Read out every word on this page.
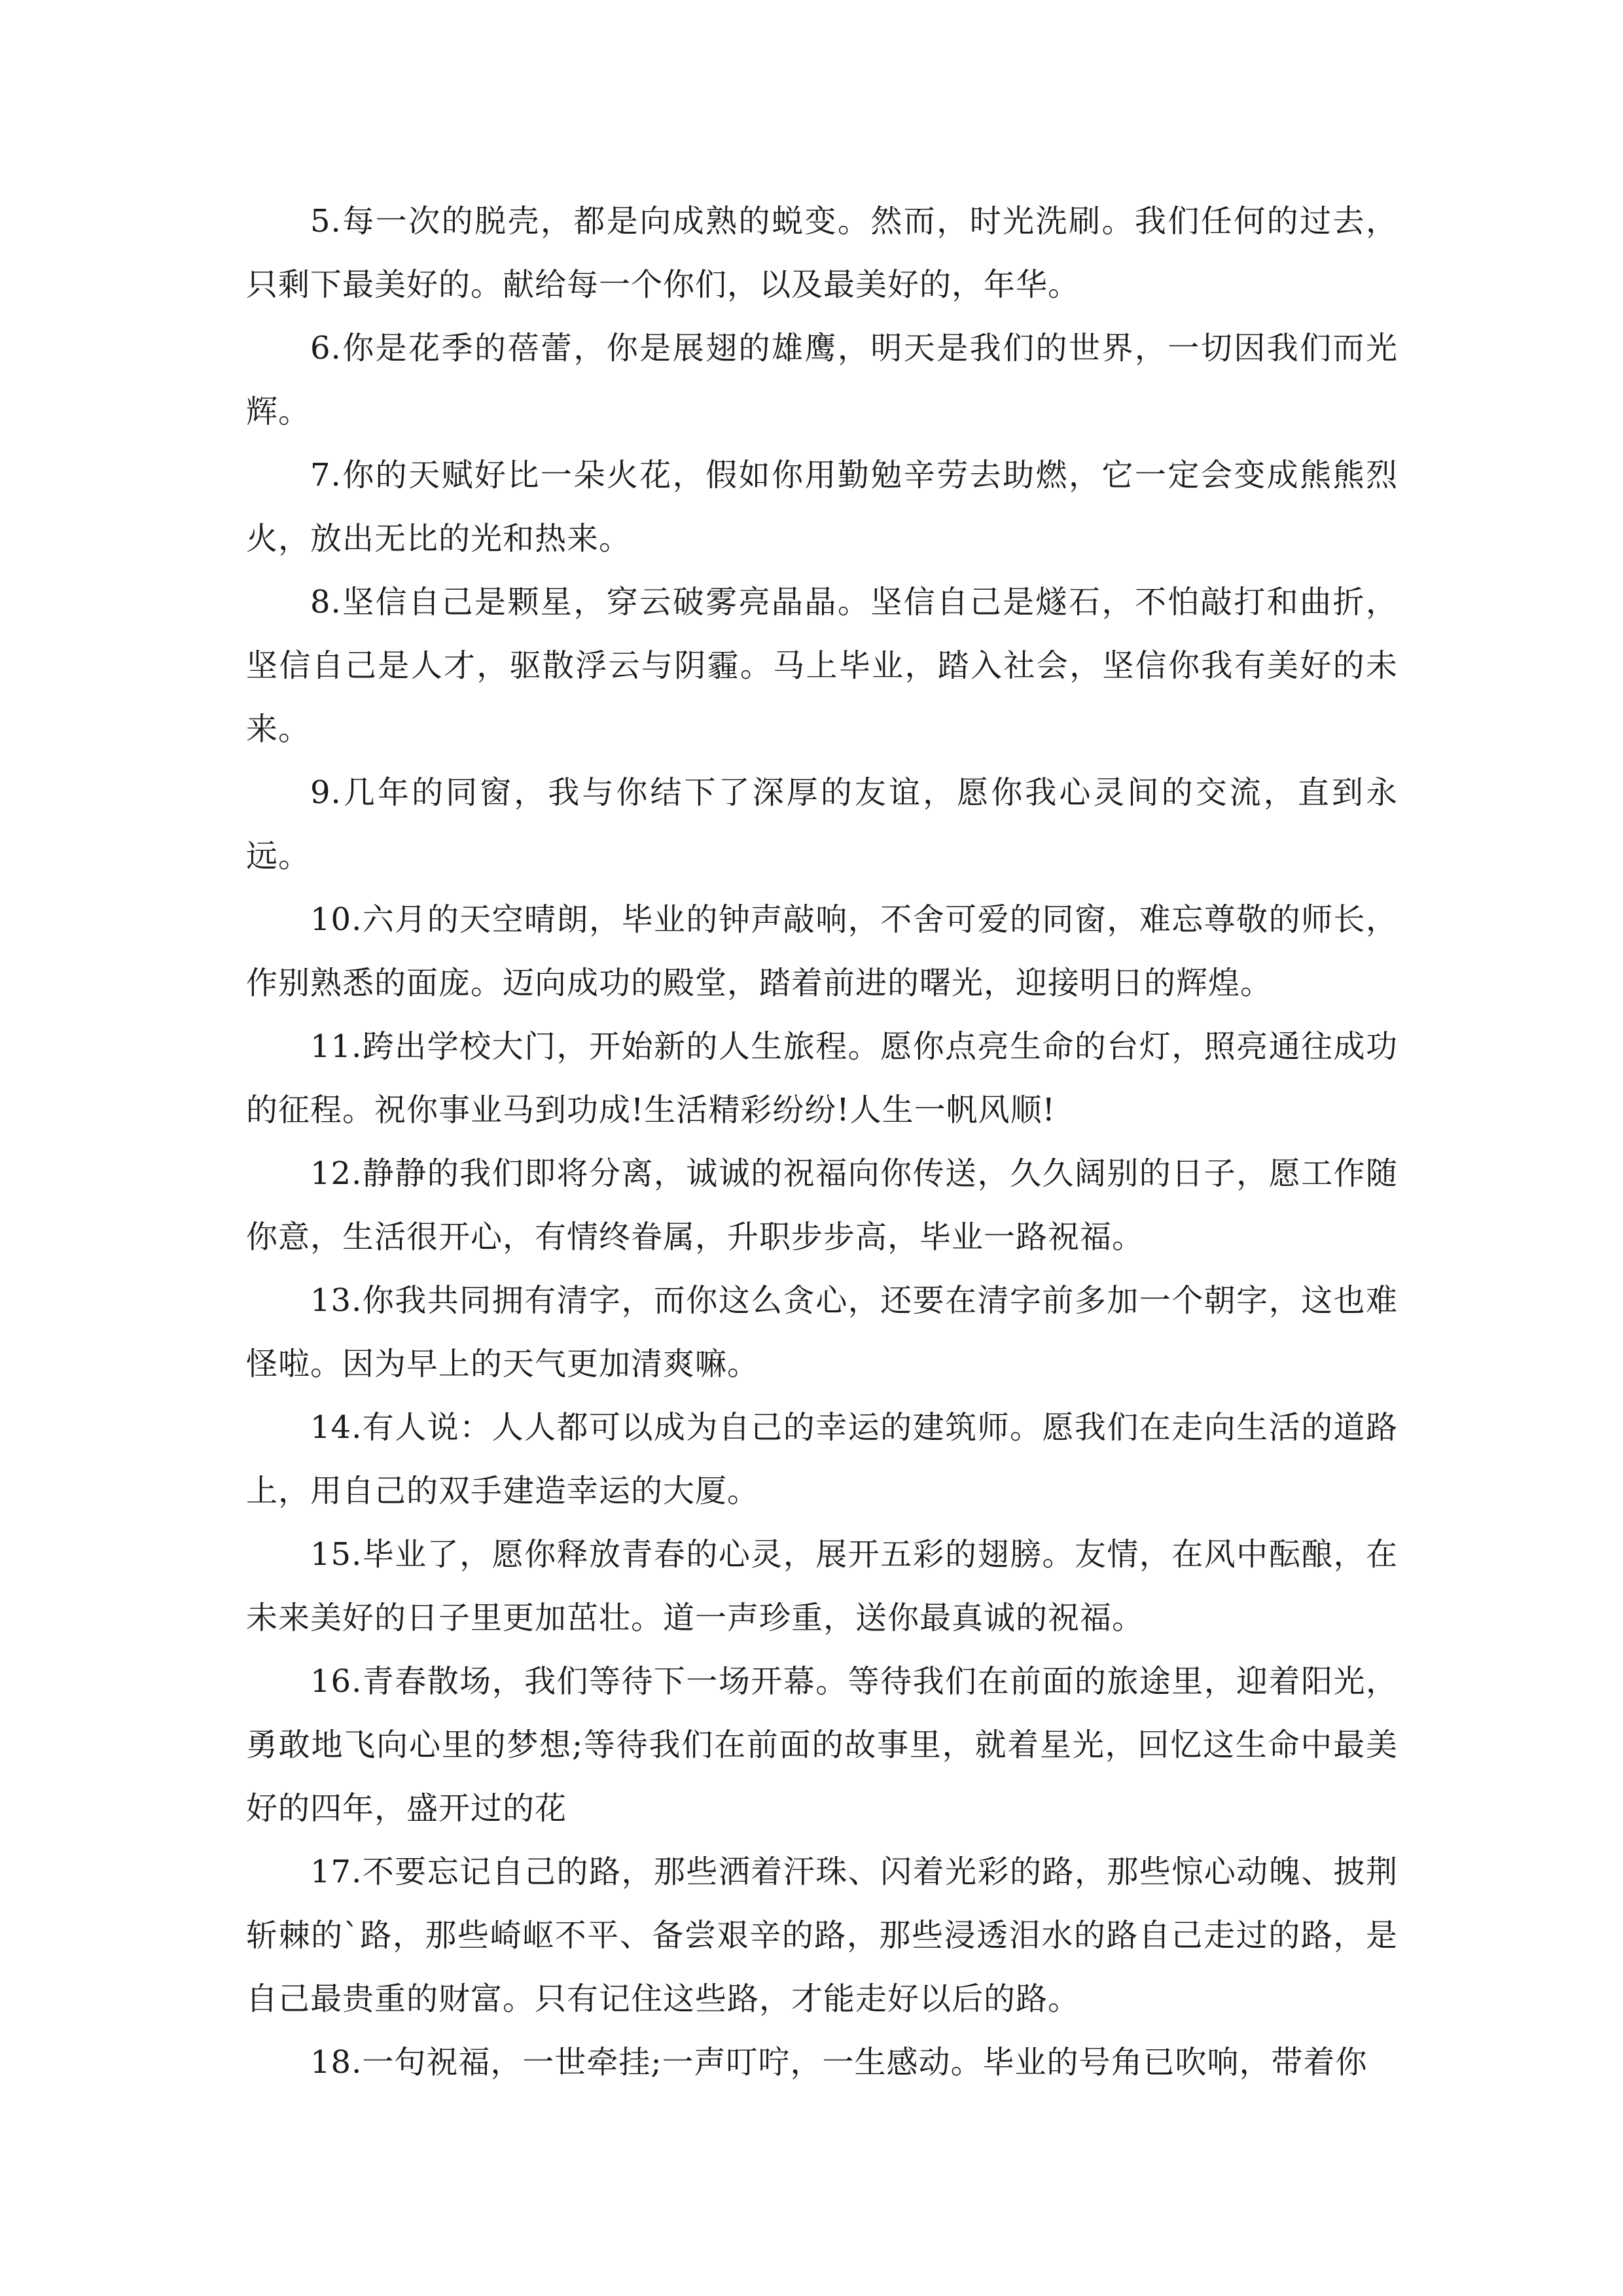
5.每一次的脱壳，都是向成熟的蜕变。然而，时光洗刷。我们任何的过去，只剩下最美好的。献给每一个你们，以及最美好的，年华。

6.你是花季的蓓蕾，你是展翅的雄鹰，明天是我们的世界，一切因我们而光辉。

7.你的天赋好比一朵火花，假如你用勤勉辛劳去助燃，它一定会变成熊熊烈火，放出无比的光和热来。

8.坚信自己是颗星，穿云破雾亮晶晶。坚信自己是燧石，不怕敲打和曲折，坚信自己是人才，驱散浮云与阴霾。马上毕业，踏入社会，坚信你我有美好的未来。

9.几年的同窗，我与你结下了深厚的友谊，愿你我心灵间的交流，直到永远。

10.六月的天空晴朗，毕业的钟声敲响，不舍可爱的同窗，难忘尊敬的师长，作别熟悉的面庞。迈向成功的殿堂，踏着前进的曙光，迎接明日的辉煌。

11.跨出学校大门，开始新的人生旅程。愿你点亮生命的台灯，照亮通往成功的征程。祝你事业马到功成!生活精彩纷纷!人生一帆风顺!

12.静静的我们即将分离，诚诚的祝福向你传送，久久阔别的日子，愿工作随你意，生活很开心，有情终眷属，升职步步高，毕业一路祝福。

13.你我共同拥有清字，而你这么贪心，还要在清字前多加一个朝字，这也难怪啦。因为早上的天气更加清爽嘛。

14.有人说：人人都可以成为自己的幸运的建筑师。愿我们在走向生活的道路上，用自己的双手建造幸运的大厦。

15.毕业了，愿你释放青春的心灵，展开五彩的翅膀。友情，在风中酝酿，在未来美好的日子里更加茁壮。道一声珍重，送你最真诚的祝福。

16.青春散场，我们等待下一场开幕。等待我们在前面的旅途里，迎着阳光，勇敢地飞向心里的梦想;等待我们在前面的故事里，就着星光，回忆这生命中最美好的四年，盛开过的花

17.不要忘记自己的路，那些洒着汗珠、闪着光彩的路，那些惊心动魄、披荆斩棘的`路，那些崎岖不平、备尝艰辛的路，那些浸透泪水的路自己走过的路，是自己最贵重的财富。只有记住这些路，才能走好以后的路。

18.一句祝福，一世牵挂;一声叮咛，一生感动。毕业的号角已吹响，带着你
